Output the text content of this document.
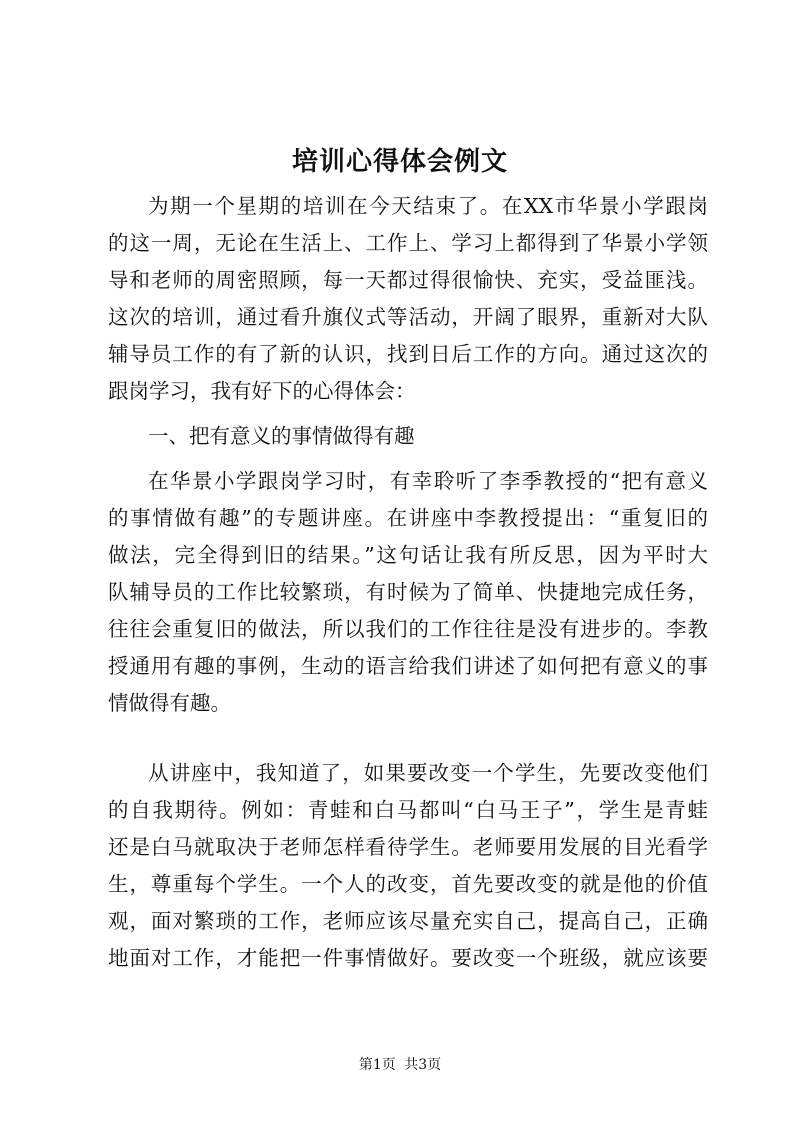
培训心得体会例文
为期一个星期的培训在今天结束了。在XX市华景小学跟岗
的这一周，无论在生活上、工作上、学习上都得到了华景小学领
导和老师的周密照顾，每一天都过得很愉快、充实，受益匪浅。
这次的培训，通过看升旗仪式等活动，开阔了眼界，重新对大队
辅导员工作的有了新的认识，找到日后工作的方向。通过这次的
跟岗学习，我有好下的心得体会：
一、把有意义的事情做得有趣
在华景小学跟岗学习时，有幸聆听了李季教授的“把有意义
的事情做有趣”的专题讲座。在讲座中李教授提出：“重复旧的
做法，完全得到旧的结果。”这句话让我有所反思，因为平时大
队辅导员的工作比较繁琐，有时候为了简单、快捷地完成任务，
往往会重复旧的做法，所以我们的工作往往是没有进步的。李教
授通用有趣的事例，生动的语言给我们讲述了如何把有意义的事
情做得有趣。
从讲座中，我知道了，如果要改变一个学生，先要改变他们
的自我期待。例如：青蛙和白马都叫“白马王子”，学生是青蛙
还是白马就取决于老师怎样看待学生。老师要用发展的目光看学
生，尊重每个学生。一个人的改变，首先要改变的就是他的价值
观，面对繁琐的工作，老师应该尽量充实自己，提高自己，正确
地面对工作，才能把一件事情做好。要改变一个班级，就应该要
第1页 共3页
